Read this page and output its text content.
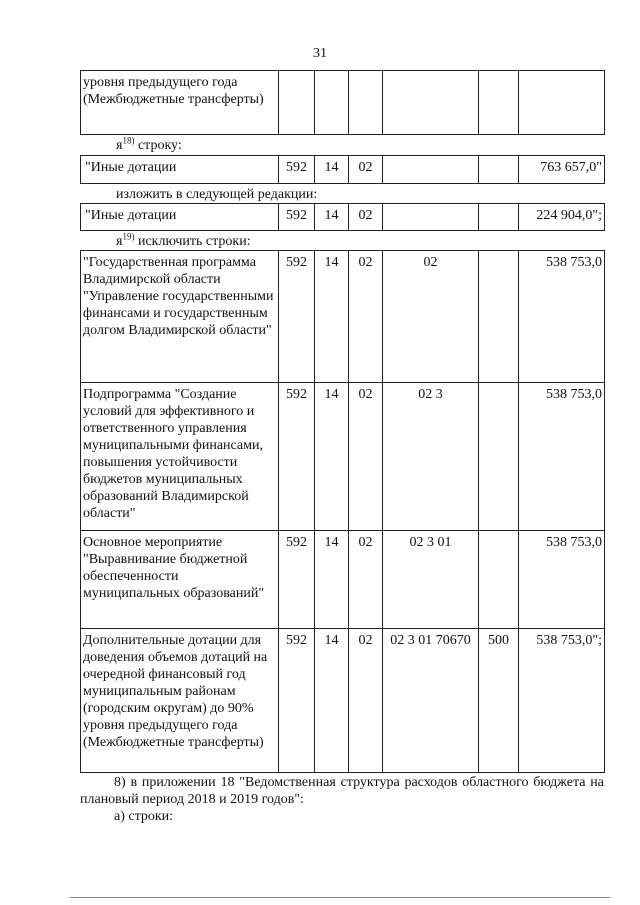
31
уровня предыдущего года (Межбюджетные трансферты)						
$я^{18)}$ строку:
"Иные дотации	592	14	02			763 657,0"
изложить в следующей редакции:
"Иные дотации	592	14	02			224 904,0";
$я^{19)}$ исключить строки:
"Государственная программа Владимирской области "Управление государственными финансами и государственным долгом Владимирской области"	592	14	02	02		538 753,0
Подпрограмма "Создание условий для эффективного и ответственного управления муниципальными финансами, повышения устойчивости бюджетов муниципальных образований Владимирской области"	592	14	02	02 3		538 753,0
Основное мероприятие "Выравнивание бюджетной обеспеченности муниципальных образований"	592	14	02	02 3 01		538 753,0
Дополнительные дотации для доведения объемов дотаций на очередной финансовый год муниципальным районам (городским округам) до 90% уровня предыдущего года (Межбюджетные трансферты)	592	14	02	02 3 01 70670	500	538 753,0";
8) в приложении 18 "Ведомственная структура расходов областного бюджета на плановый период 2018 и 2019 годов":
а) строки:
